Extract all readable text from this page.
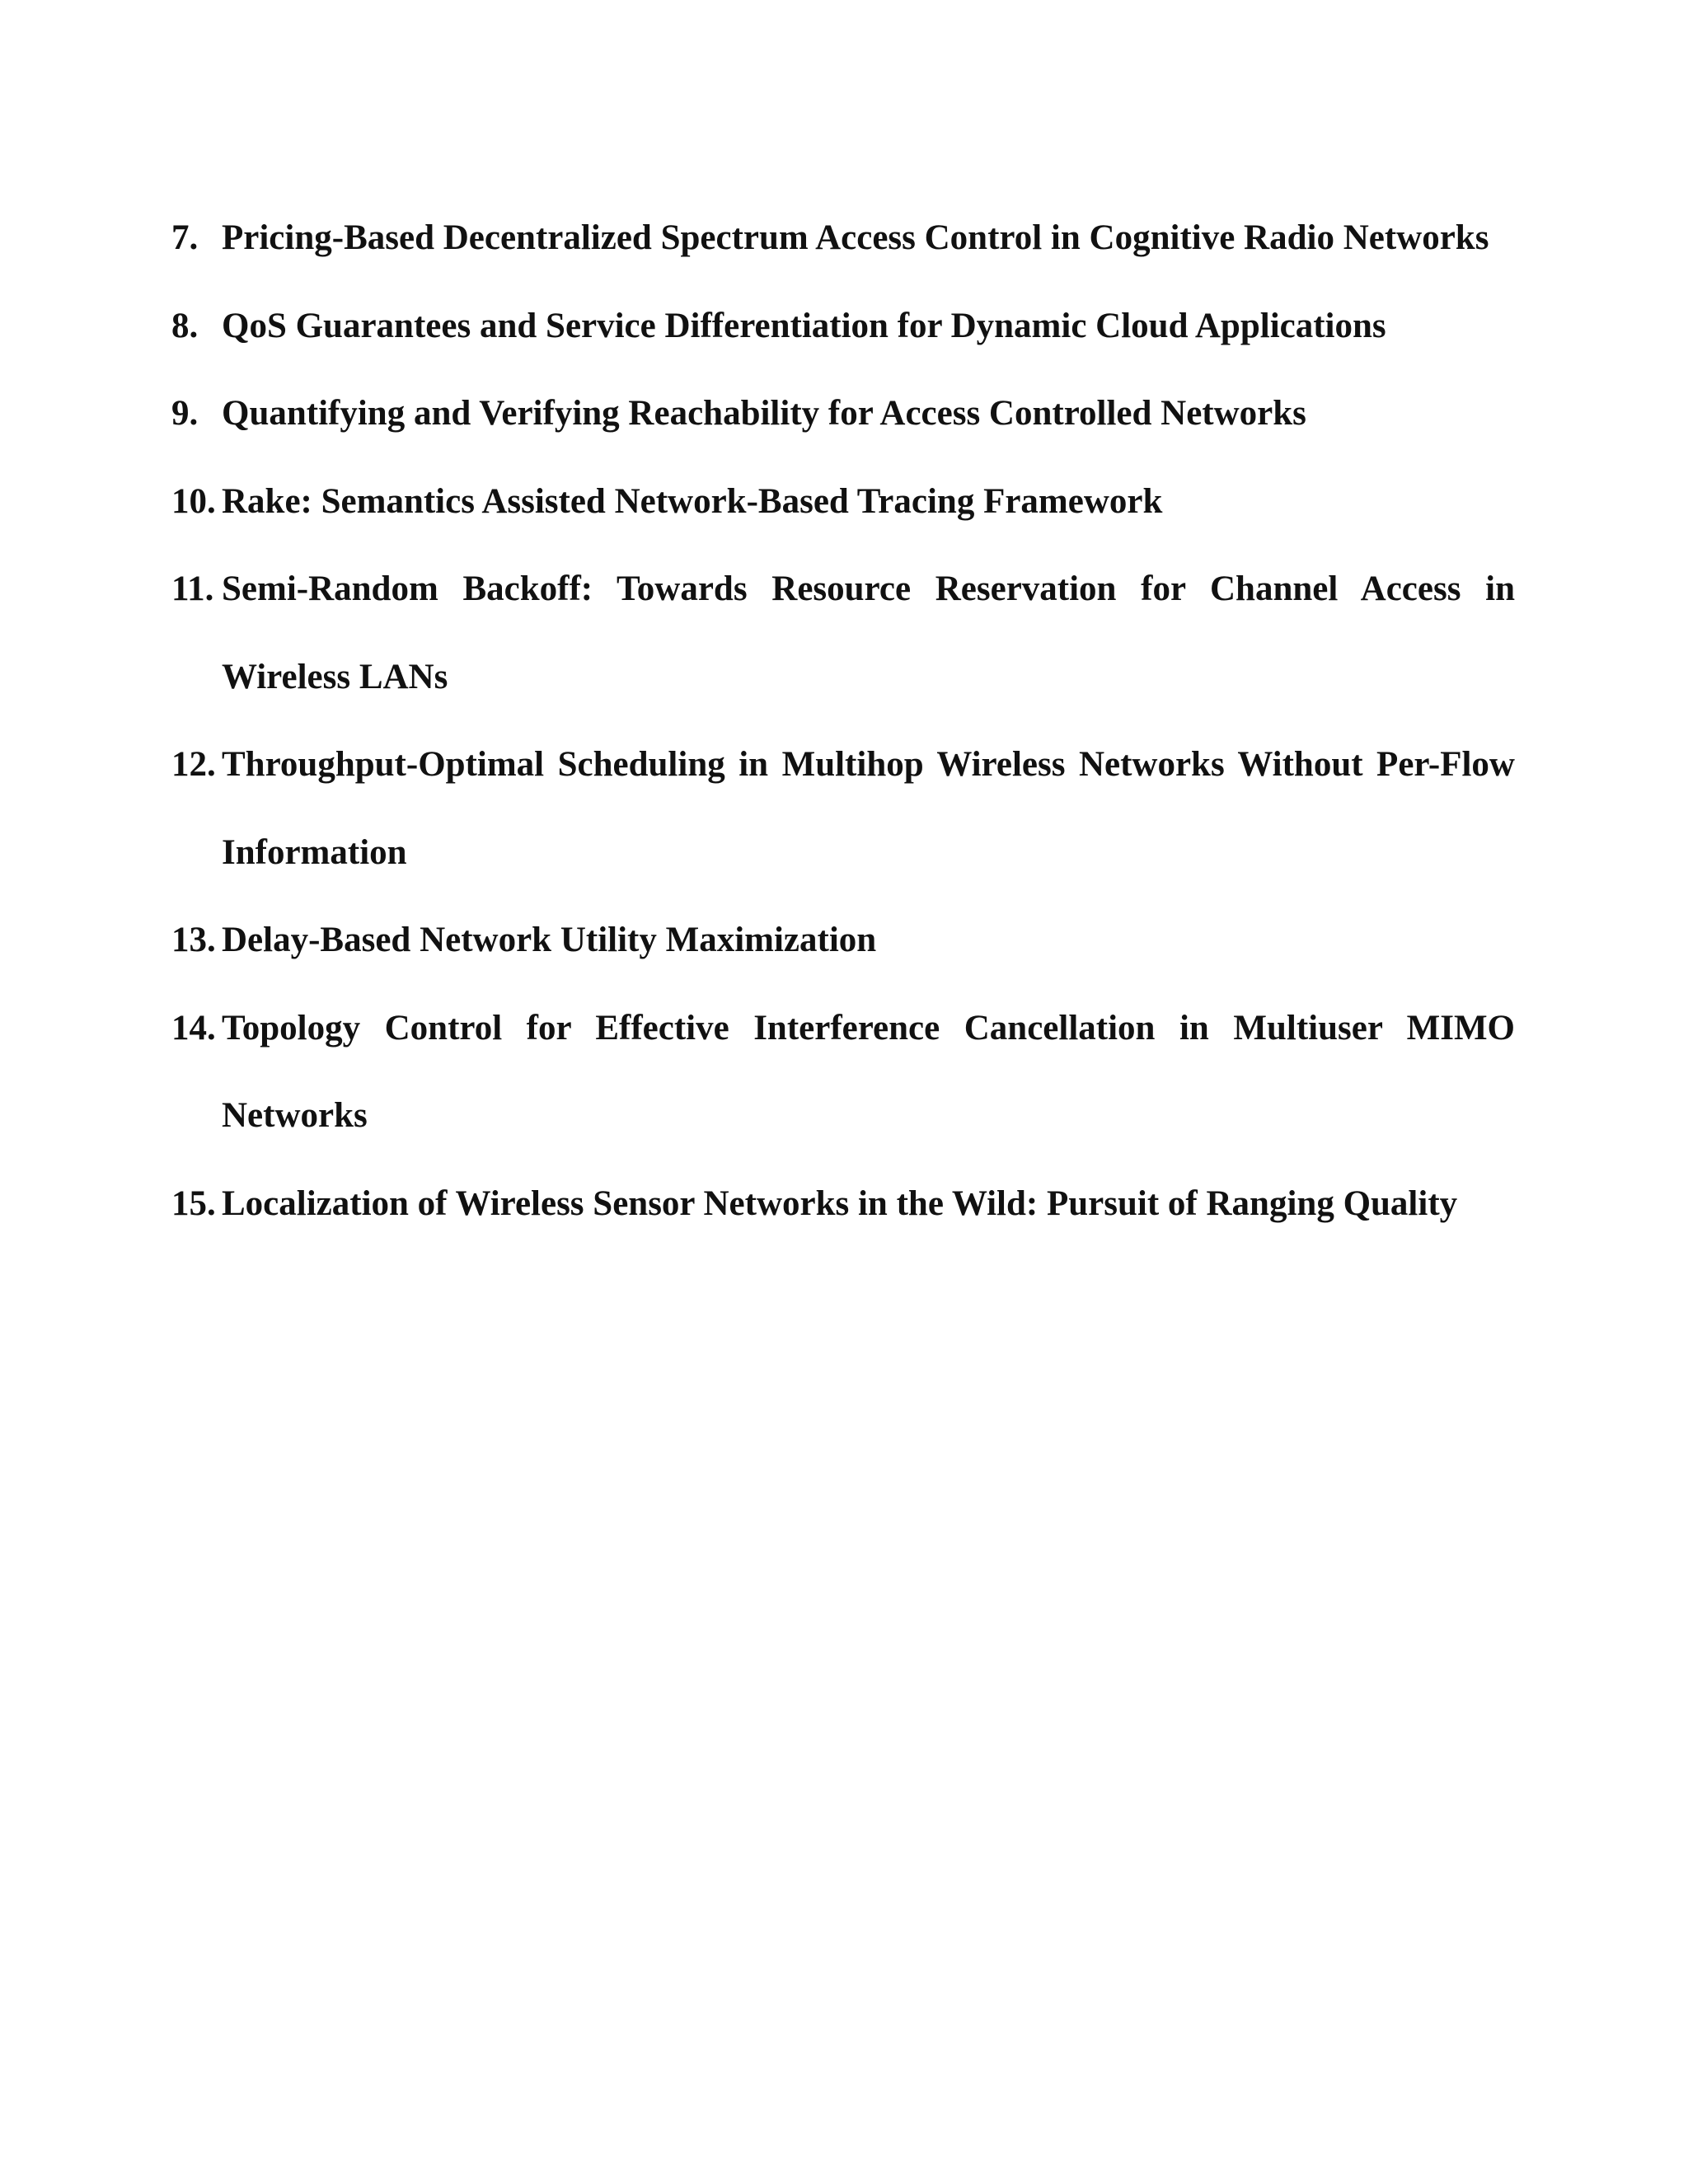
7. Pricing-Based Decentralized Spectrum Access Control in Cognitive Radio Networks
8. QoS Guarantees and Service Differentiation for Dynamic Cloud Applications
9. Quantifying and Verifying Reachability for Access Controlled Networks
10. Rake: Semantics Assisted Network-Based Tracing Framework
11. Semi-Random Backoff: Towards Resource Reservation for Channel Access in Wireless LANs
12. Throughput-Optimal Scheduling in Multihop Wireless Networks Without Per-Flow Information
13. Delay-Based Network Utility Maximization
14. Topology Control for Effective Interference Cancellation in Multiuser MIMO Networks
15. Localization of Wireless Sensor Networks in the Wild: Pursuit of Ranging Quality
